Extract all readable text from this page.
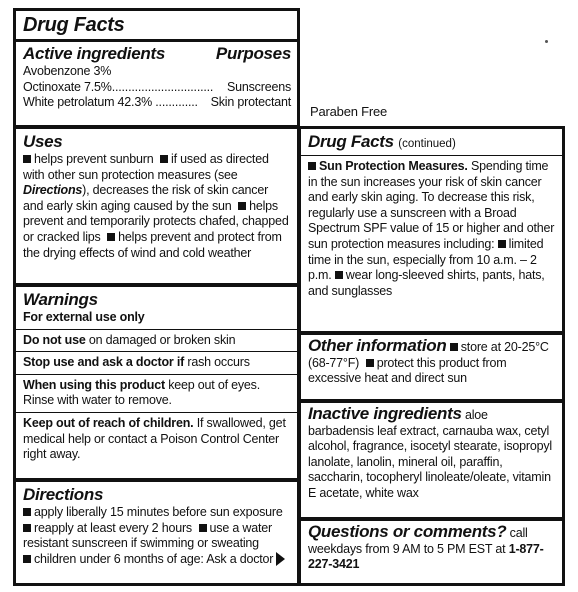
Drug Facts
Active ingredients	Purposes
Avobenzone 3%
Octinoxate 7.5%............................... Sunscreens
White petrolatum 42.3% ............. Skin protectant
Paraben Free
Uses
helps prevent sunburn if used as directed with other sun protection measures (see Directions), decreases the risk of skin cancer and early skin aging caused by the sun helps prevent and temporarily protects chafed, chapped or cracked lips helps prevent and protect from the drying effects of wind and cold weather
Warnings
For external use only
Do not use on damaged or broken skin
Stop use and ask a doctor if rash occurs
When using this product keep out of eyes. Rinse with water to remove.
Keep out of reach of children. If swallowed, get medical help or contact a Poison Control Center right away.
Directions
apply liberally 15 minutes before sun exposure
reapply at least every 2 hours use a water resistant sunscreen if swimming or sweating
children under 6 months of age: Ask a doctor
Drug Facts (continued)
Sun Protection Measures. Spending time in the sun increases your risk of skin cancer and early skin aging. To decrease this risk, regularly use a sunscreen with a Broad Spectrum SPF value of 15 or higher and other sun protection measures including: limited time in the sun, especially from 10 a.m. – 2 p.m. wear long-sleeved shirts, pants, hats, and sunglasses
Other information store at 20-25°C (68-77°F) protect this product from excessive heat and direct sun
Inactive ingredients aloe barbadensis leaf extract, carnauba wax, cetyl alcohol, fragrance, isocetyl stearate, isopropyl lanolate, lanolin, mineral oil, paraffin, saccharin, tocopheryl linoleate/oleate, vitamin E acetate, white wax
Questions or comments? call weekdays from 9 AM to 5 PM EST at 1-877-227-3421
